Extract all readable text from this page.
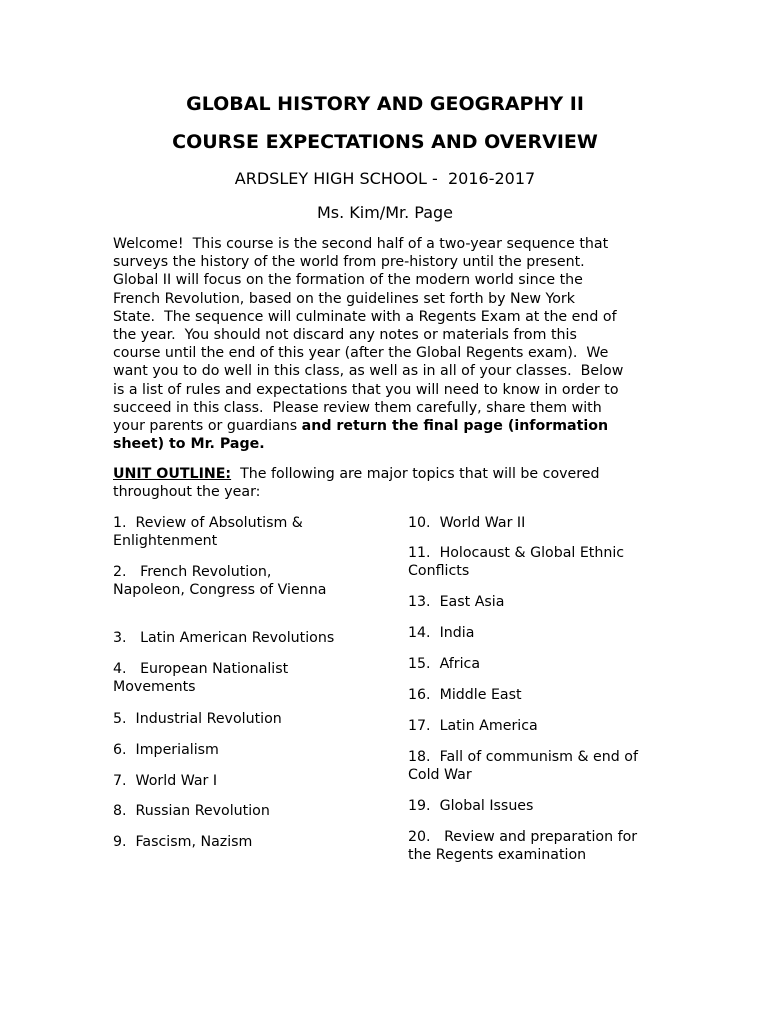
GLOBAL HISTORY AND GEOGRAPHY II
COURSE EXPECTATIONS AND OVERVIEW
ARDSLEY HIGH SCHOOL -  2016-2017
Ms. Kim/Mr. Page
Welcome!  This course is the second half of a two-year sequence that
surveys the history of the world from pre-history until the present.
Global II will focus on the formation of the modern world since the
French Revolution, based on the guidelines set forth by New York
State.  The sequence will culminate with a Regents Exam at the end of
the year.  You should not discard any notes or materials from this
course until the end of this year (after the Global Regents exam).  We
want you to do well in this class, as well as in all of your classes.  Below
is a list of rules and expectations that you will need to know in order to
succeed in this class.  Please review them carefully, share them with
your parents or guardians and return the final page (information
sheet) to Mr. Page.
UNIT OUTLINE:  The following are major topics that will be covered
throughout the year:
1.  Review of Absolutism &
Enlightenment
2.   French Revolution,
Napoleon, Congress of Vienna
3.   Latin American Revolutions
4.   European Nationalist
Movements
5.  Industrial Revolution
6.  Imperialism
7.  World War I
8.  Russian Revolution
9.  Fascism, Nazism
10.  World War II
11.  Holocaust & Global Ethnic
Conflicts
13.  East Asia
14.  India
15.  Africa
16.  Middle East
17.  Latin America
18.  Fall of communism & end of
Cold War
19.  Global Issues
20.   Review and preparation for
the Regents examination
